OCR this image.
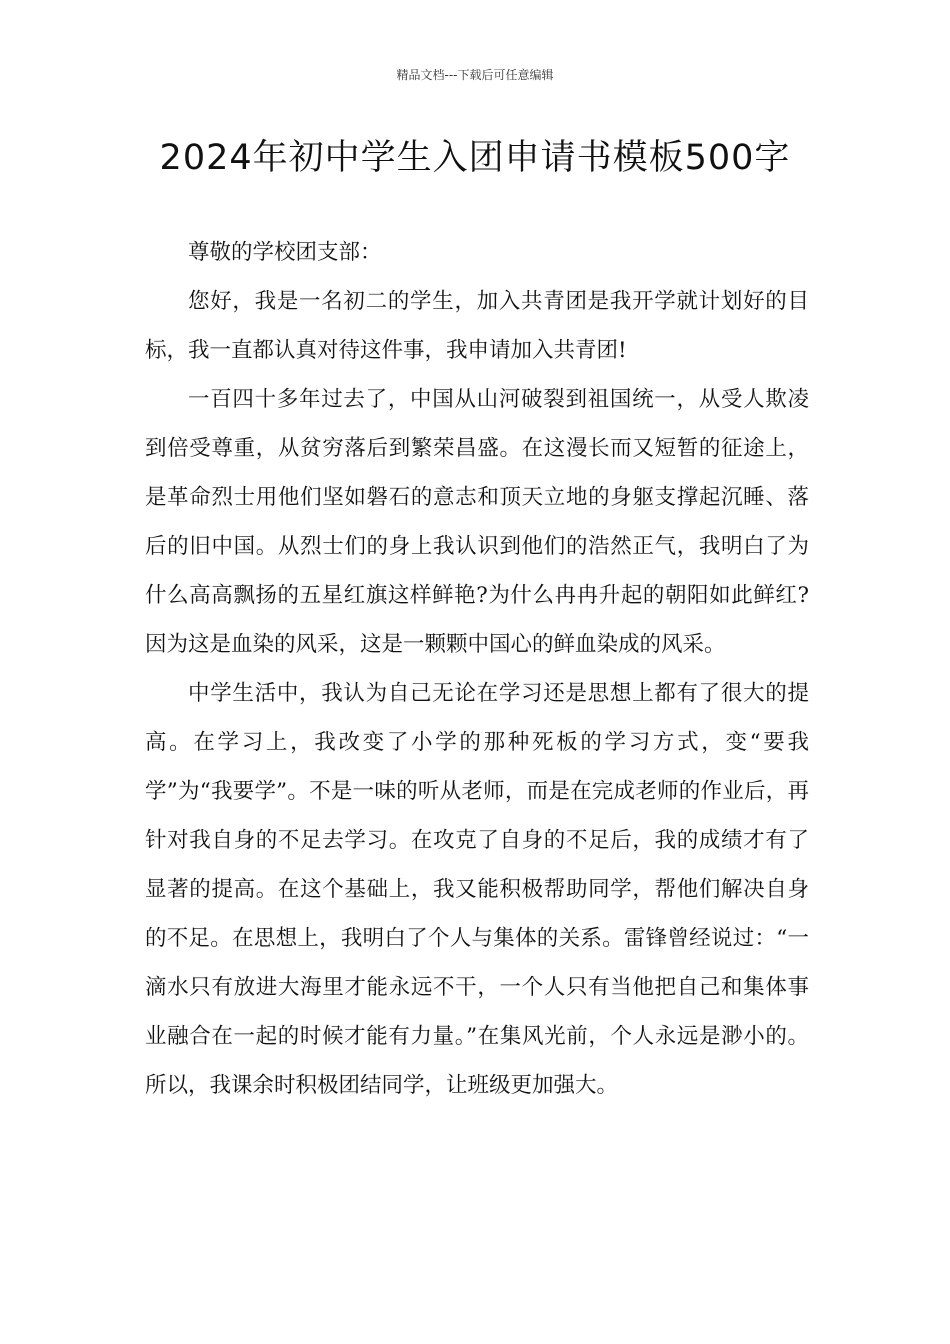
精品文档---下载后可任意编辑
2024年初中学生入团申请书模板500字

尊敬的学校团支部：

您好，我是一名初二的学生，加入共青团是我开学就计划好的目标，我一直都认真对待这件事，我申请加入共青团!

一百四十多年过去了，中国从山河破裂到祖国统一，从受人欺凌到倍受尊重，从贫穷落后到繁荣昌盛。在这漫长而又短暂的征途上，是革命烈士用他们坚如磐石的意志和顶天立地的身躯支撑起沉睡、落后的旧中国。从烈士们的身上我认识到他们的浩然正气，我明白了为什么高高飘扬的五星红旗这样鲜艳?为什么冉冉升起的朝阳如此鲜红?因为这是血染的风采，这是一颗颗中国心的鲜血染成的风采。

中学生活中，我认为自己无论在学习还是思想上都有了很大的提高。在学习上，我改变了小学的那种死板的学习方式，变“要我学”为“我要学”。不是一味的听从老师，而是在完成老师的作业后，再针对我自身的不足去学习。在攻克了自身的不足后，我的成绩才有了显著的提高。在这个基础上，我又能积极帮助同学，帮他们解决自身的不足。在思想上，我明白了个人与集体的关系。雷锋曾经说过：“一滴水只有放进大海里才能永远不干，一个人只有当他把自己和集体事业融合在一起的时候才能有力量。”在集风光前，个人永远是渺小的。所以，我课余时积极团结同学，让班级更加强大。
